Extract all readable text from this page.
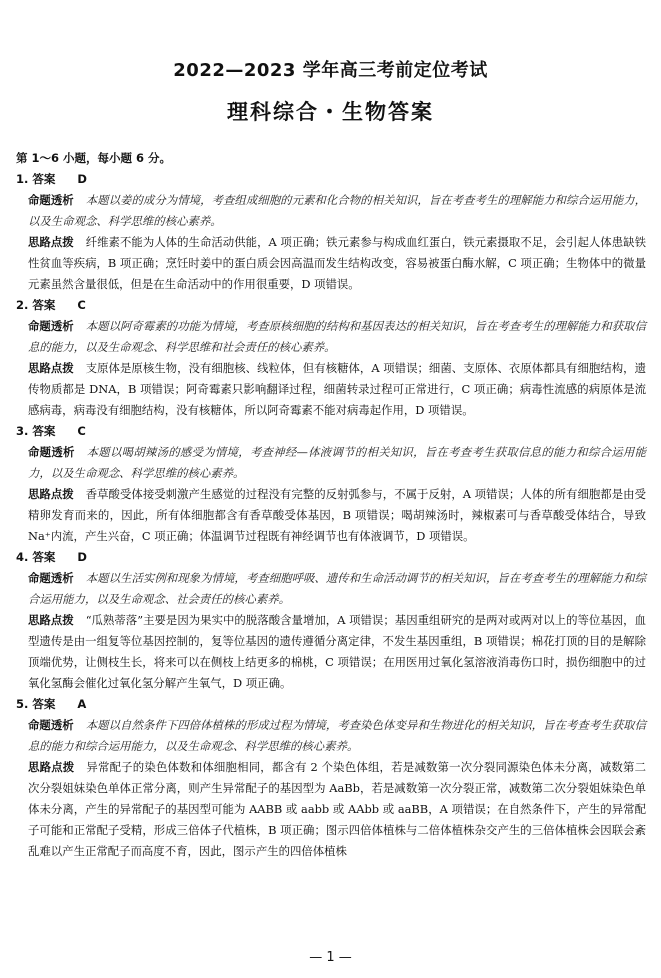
2022—2023 学年高三考前定位考试
理科综合・生物答案
第 1～6 小题，每小题 6 分。
1. 答案 D
命题透析 本题以姜的成分为情境，考查组成细胞的元素和化合物的相关知识，旨在考查考生的理解能力和综合运用能力，以及生命观念、科学思维的核心素养。
思路点拨 纤维素不能为人体的生命活动供能，A 项正确；铁元素参与构成血红蛋白，铁元素摄取不足，会引起人体患缺铁性贫血等疾病，B 项正确；烹饪时姜中的蛋白质会因高温而发生结构改变，容易被蛋白酶水解，C 项正确；生物体中的微量元素虽然含量很低，但是在生命活动中的作用很重要，D 项错误。
2. 答案 C
命题透析 本题以阿奇霉素的功能为情境，考查原核细胞的结构和基因表达的相关知识，旨在考查考生的理解能力和获取信息的能力，以及生命观念、科学思维和社会责任的核心素养。
思路点拨 支原体是原核生物，没有细胞核、线粒体，但有核糖体，A 项错误；细菌、支原体、衣原体都具有细胞结构，遗传物质都是 DNA，B 项错误；阿奇霉素只影响翻译过程，细菌转录过程可正常进行，C 项正确；病毒性流感的病原体是流感病毒，病毒没有细胞结构，没有核糖体，所以阿奇霉素不能对病毒起作用，D 项错误。
3. 答案 C
命题透析 本题以喝胡辣汤的感受为情境，考查神经—体液调节的相关知识，旨在考查考生获取信息的能力和综合运用能力，以及生命观念、科学思维的核心素养。
思路点拨 香草酸受体接受刺激产生感觉的过程没有完整的反射弧参与，不属于反射，A 项错误；人体的所有细胞都是由受精卵发育而来的，因此，所有体细胞都含有香草酸受体基因，B 项错误；喝胡辣汤时，辣椒素可与香草酸受体结合，导致 Na⁺内流，产生兴奋，C 项正确；体温调节过程既有神经调节也有体液调节，D 项错误。
4. 答案 D
命题透析 本题以生活实例和现象为情境，考查细胞呼吸、遗传和生命活动调节的相关知识，旨在考查考生的理解能力和综合运用能力，以及生命观念、社会责任的核心素养。
思路点拨 “瓜熟蒂落”主要是因为果实中的脱落酸含量增加，A 项错误；基因重组研究的是两对或两对以上的等位基因，血型遗传是由一组复等位基因控制的，复等位基因的遗传遵循分离定律，不发生基因重组，B 项错误；棉花打顶的目的是解除顶端优势，让侧枝生长，将来可以在侧枝上结更多的棉桃，C 项错误；在用医用过氧化氢溶液消毒伤口时，损伤细胞中的过氧化氢酶会催化过氧化氢分解产生氧气，D 项正确。
5. 答案 A
命题透析 本题以自然条件下四倍体植株的形成过程为情境，考查染色体变异和生物进化的相关知识，旨在考查考生获取信息的能力和综合运用能力，以及生命观念、科学思维的核心素养。
思路点拨 异常配子的染色体数和体细胞相同，都含有 2 个染色体组，若是减数第一次分裂同源染色体未分离，减数第二次分裂姐妹染色单体正常分离，则产生异常配子的基因型为 AaBb，若是减数第一次分裂正常，减数第二次分裂姐妹染色单体未分离，产生的异常配子的基因型可能为 AABB 或 aabb 或 AAbb 或 aaBB，A 项错误；在自然条件下，产生的异常配子可能和正常配子受精，形成三倍体子代植株，B 项正确；图示四倍体植株与二倍体植株杂交产生的三倍体植株会因联会紊乱难以产生正常配子而高度不育，因此，图示产生的四倍体植株
— 1 —
